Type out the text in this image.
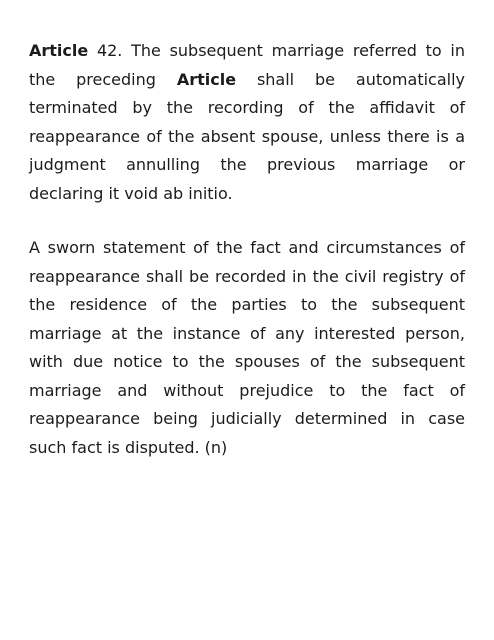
Article 42. The subsequent marriage referred to in the preceding Article shall be automatically terminated by the recording of the affidavit of reappearance of the absent spouse, unless there is a judgment annulling the previous marriage or declaring it void ab initio.

A sworn statement of the fact and circumstances of reappearance shall be recorded in the civil registry of the residence of the parties to the subsequent marriage at the instance of any interested person, with due notice to the spouses of the subsequent marriage and without prejudice to the fact of reappearance being judicially determined in case such fact is disputed. (n)
